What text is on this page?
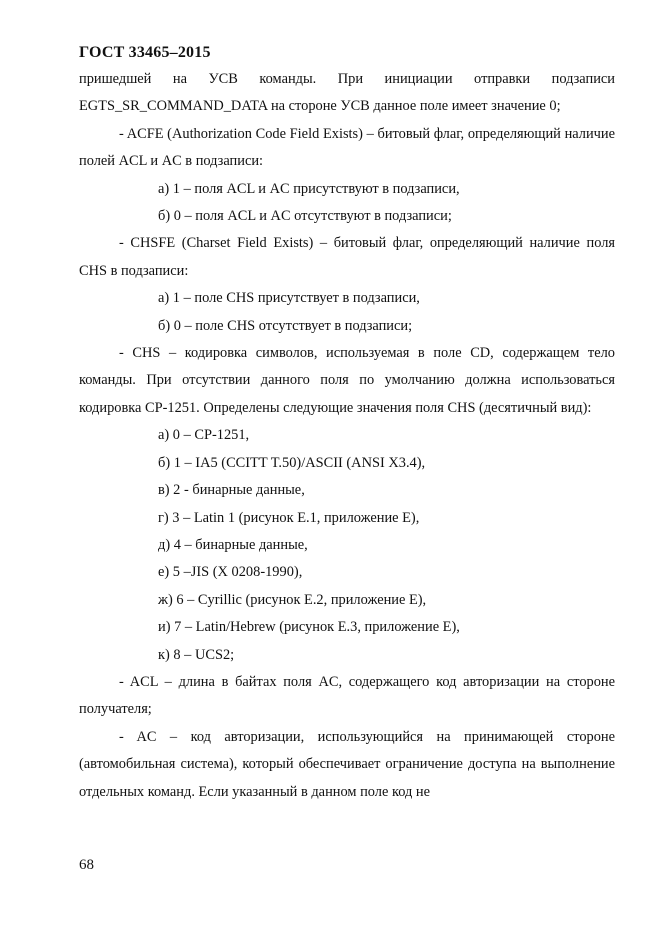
ГОСТ 33465–2015

пришедшей на УСВ команды. При инициации отправки подзаписи EGTS_SR_COMMAND_DATA на стороне УСВ данное поле имеет значение 0;

- ACFE (Authorization Code Field Exists) – битовый флаг, определяющий наличие полей ACL и AC в подзаписи:

а) 1 – поля ACL и AC присутствуют в подзаписи,

б) 0 – поля ACL и AC отсутствуют в подзаписи;

- CHSFE (Charset Field Exists) – битовый флаг, определяющий наличие поля CHS в подзаписи:

а) 1 – поле CHS присутствует в подзаписи,

б) 0 – поле CHS отсутствует в подзаписи;

- CHS – кодировка символов, используемая в поле CD, содержащем тело команды. При отсутствии данного поля по умолчанию должна использоваться кодировка CP-1251. Определены следующие значения поля CHS (десятичный вид):

а) 0 – CP-1251,

б) 1 – IA5 (CCITT T.50)/ASCII (ANSI X3.4),

в) 2 - бинарные данные,

г) 3 – Latin 1 (рисунок Е.1, приложение Е),

д) 4 – бинарные данные,

е) 5 –JIS (X 0208-1990),

ж) 6 – Cyrillic (рисунок Е.2, приложение Е),

и) 7 – Latin/Hebrew (рисунок Е.3, приложение Е),

к) 8 – UCS2;

- ACL – длина в байтах поля AC, содержащего код авторизации на стороне получателя;

- AC – код авторизации, использующийся на принимающей стороне (автомобильная система), который обеспечивает ограничение доступа на выполнение отдельных команд. Если указанный в данном поле код не

68
